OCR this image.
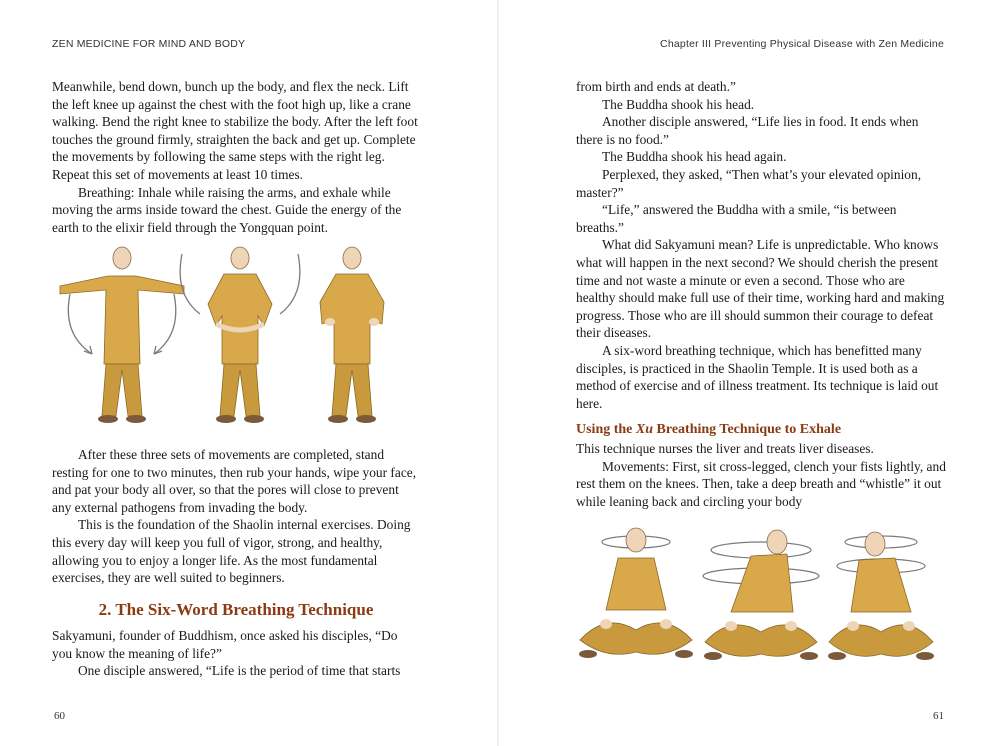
ZEN MEDICINE FOR MIND AND BODY

Meanwhile, bend down, bunch up the body, and flex the neck. Lift the left knee up against the chest with the foot high up, like a crane walking. Bend the right knee to stabilize the body. After the left foot touches the ground firmly, straighten the back and get up. Complete the movements by following the same steps with the right leg. Repeat this set of movements at least 10 times.

Breathing: Inhale while raising the arms, and exhale while moving the arms inside toward the chest. Guide the energy of the earth to the elixir field through the Yongquan point.

After these three sets of movements are completed, stand resting for one to two minutes, then rub your hands, wipe your face, and pat your body all over, so that the pores will close to prevent any external pathogens from invading the body.

This is the foundation of the Shaolin internal exercises. Doing this every day will keep you full of vigor, strong, and healthy, allowing you to enjoy a longer life. As the most fundamental exercises, they are well suited to beginners.

2. The Six-Word Breathing Technique

Sakyamuni, founder of Buddhism, once asked his disciples, “Do you know the meaning of life?”

One disciple answered, “Life is the period of time that starts

60
Chapter III Preventing Physical Disease with Zen Medicine

from birth and ends at death.”

The Buddha shook his head.

Another disciple answered, “Life lies in food. It ends when there is no food.”

The Buddha shook his head again.

Perplexed, they asked, “Then what’s your elevated opinion, master?”

“Life,” answered the Buddha with a smile, “is between breaths.”

What did Sakyamuni mean? Life is unpredictable. Who knows what will happen in the next second? We should cherish the present time and not waste a minute or even a second. Those who are healthy should make full use of their time, working hard and making progress. Those who are ill should summon their courage to defeat their diseases.

A six-word breathing technique, which has benefitted many disciples, is practiced in the Shaolin Temple. It is used both as a method of exercise and of illness treatment. Its technique is laid out here.

Using the Xu Breathing Technique to Exhale

This technique nurses the liver and treats liver diseases.

Movements: First, sit cross-legged, clench your fists lightly, and rest them on the knees. Then, take a deep breath and “whistle” it out while leaning back and circling your body

61
